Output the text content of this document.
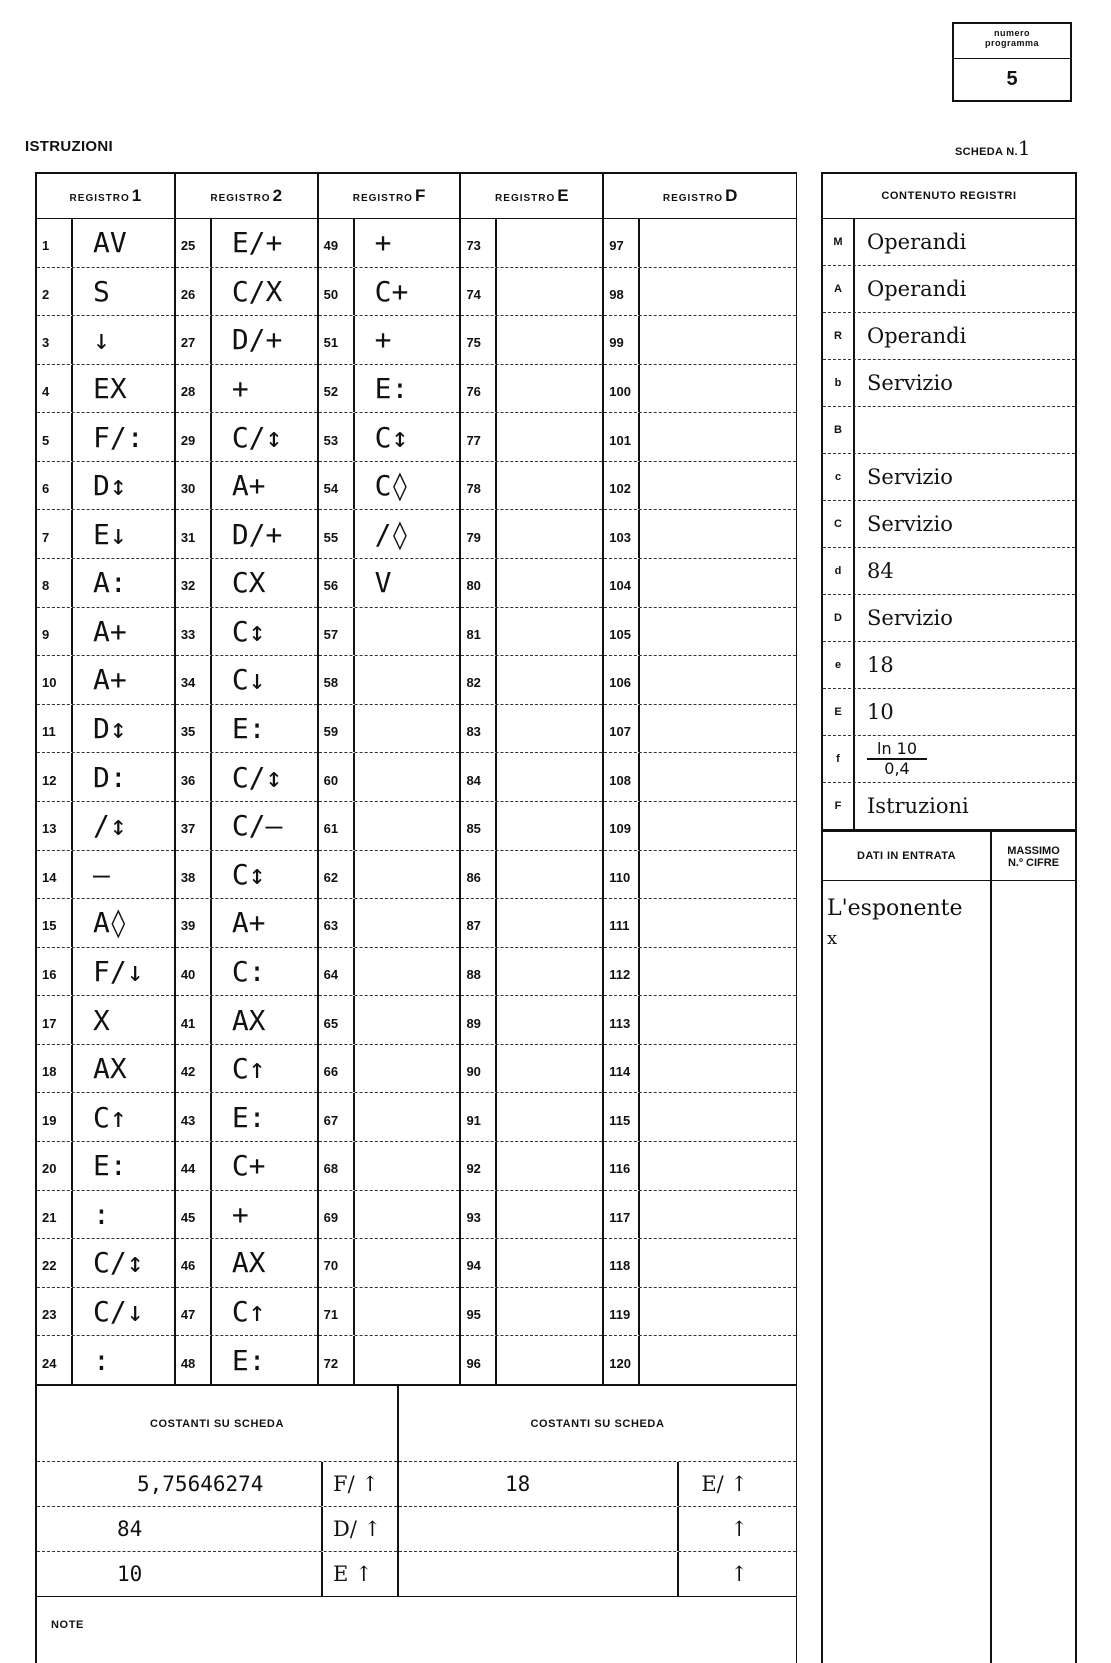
numero
programma
5
ISTRUZIONI	SCHEDA N.1
REGISTRO 1
1	AV
2	S
3	↓
4	EX
5	F/:
6	D↕
7	E↓
8	A:
9	A+
10	A+
11	D↕
12	D:
13	/↕
14	–
15	A◊
16	F/↓
17	X
18	AX
19	C↑
20	E:
21	:
22	C/↕
23	C/↓
24	:
REGISTRO 2
25	E/+
26	C/X
27	D/+
28	+
29	C/↕
30	A+
31	D/+
32	CX
33	C↕
34	C↓
35	E:
36	C/↕
37	C/–
38	C↕
39	A+
40	C:
41	AX
42	C↑
43	E:
44	C+
45	+
46	AX
47	C↑
48	E:
REGISTRO F
49	+
50	C+
51	+
52	E:
53	C↕
54	C◊
55	/◊
56	V
57
58
59
60
61
62
63
64
65
66
67
68
69
70
71
72
REGISTRO E
73
74
75
76
77
78
79
80
81
82
83
84
85
86
87
88
89
90
91
92
93
94
95
96
REGISTRO D
97
98
99
100
101
102
103
104
105
106
107
108
109
110
111
112
113
114
115
116
117
118
119
120
CONTENUTO REGISTRI
M	Operandi
A	Operandi
R	Operandi
b	Servizio
B
c	Servizio
C	Servizio
d	84
D	Servizio
e	18
E	10
f	$\frac{\ln 10}{0,4}$
F	Istruzioni
DATI IN ENTRATA	MASSIMO
N.º CIFRE
L'esponente
x
COSTANTI SU SCHEDA
5,75646274	F/ ↑
84	D/ ↑
10	E ↑
COSTANTI SU SCHEDA
18	E/ ↑
↑
↑
NOTE
